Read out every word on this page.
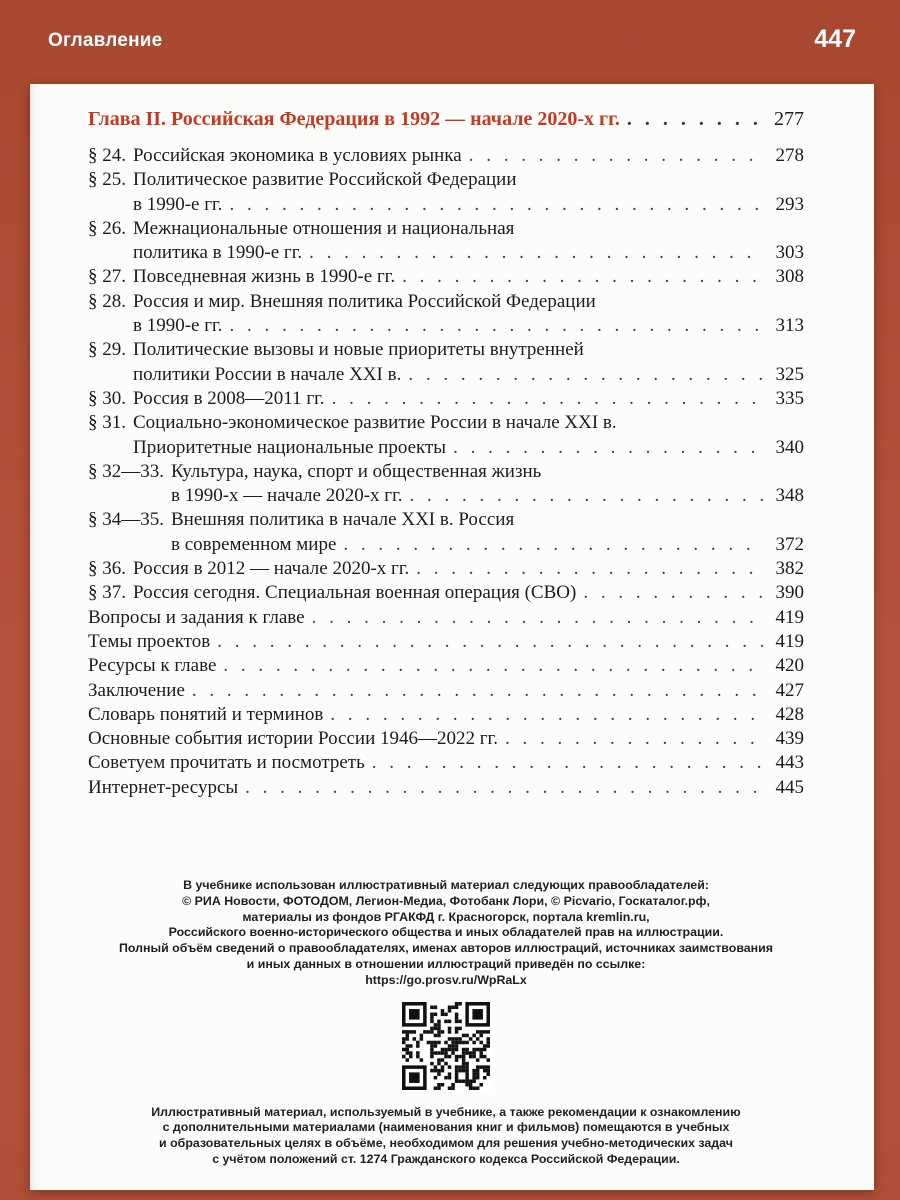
Оглавление	447
Глава II. Российская Федерация в 1992 — начале 2020-х гг. . . .	277
§ 24. Российская экономика в условиях рынка . . .	278
§ 25. Политическое развитие Российской Федерации
в 1990-е гг. . . .	293
§ 26. Межнациональные отношения и национальная
политика в 1990-е гг. . . .	303
§ 27. Повседневная жизнь в 1990-е гг. . . .	308
§ 28. Россия и мир. Внешняя политика Российской Федерации
в 1990-е гг. . . .	313
§ 29. Политические вызовы и новые приоритеты внутренней
политики России в начале XXI в. . . .	325
§ 30. Россия в 2008—2011 гг. . . .	335
§ 31. Социально-экономическое развитие России в начале XXI в.
Приоритетные национальные проекты . . .	340
§ 32—33. Культура, наука, спорт и общественная жизнь
в 1990-х — начале 2020-х гг. . . .	348
§ 34—35. Внешняя политика в начале XXI в. Россия
в современном мире . . .	372
§ 36. Россия в 2012 — начале 2020-х гг. . . .	382
§ 37. Россия сегодня. Специальная военная операция (СВО) . . .	390
Вопросы и задания к главе . . .	419
Темы проектов . . .	419
Ресурсы к главе . . .	420
Заключение . . .	427
Словарь понятий и терминов . . .	428
Основные события истории России 1946—2022 гг. . . .	439
Советуем прочитать и посмотреть . . .	443
Интернет-ресурсы . . .	445
В учебнике использован иллюстративный материал следующих правообладателей:
© РИА Новости, ФОТОДОМ, Легион-Медиа, Фотобанк Лори, © Picvario, Госкаталог.рф,
материалы из фондов РГАКФД г. Красногорск, портала kremlin.ru,
Российского военно-исторического общества и иных обладателей прав на иллюстрации.
Полный объём сведений о правообладателях, именах авторов иллюстраций, источниках заимствования
и иных данных в отношении иллюстраций приведён по ссылке:
https://go.prosv.ru/WpRaLx
Иллюстративный материал, используемый в учебнике, а также рекомендации к ознакомлению
с дополнительными материалами (наименования книг и фильмов) помещаются в учебных
и образовательных целях в объёме, необходимом для решения учебно-методических задач
с учётом положений ст. 1274 Гражданского кодекса Российской Федерации.
